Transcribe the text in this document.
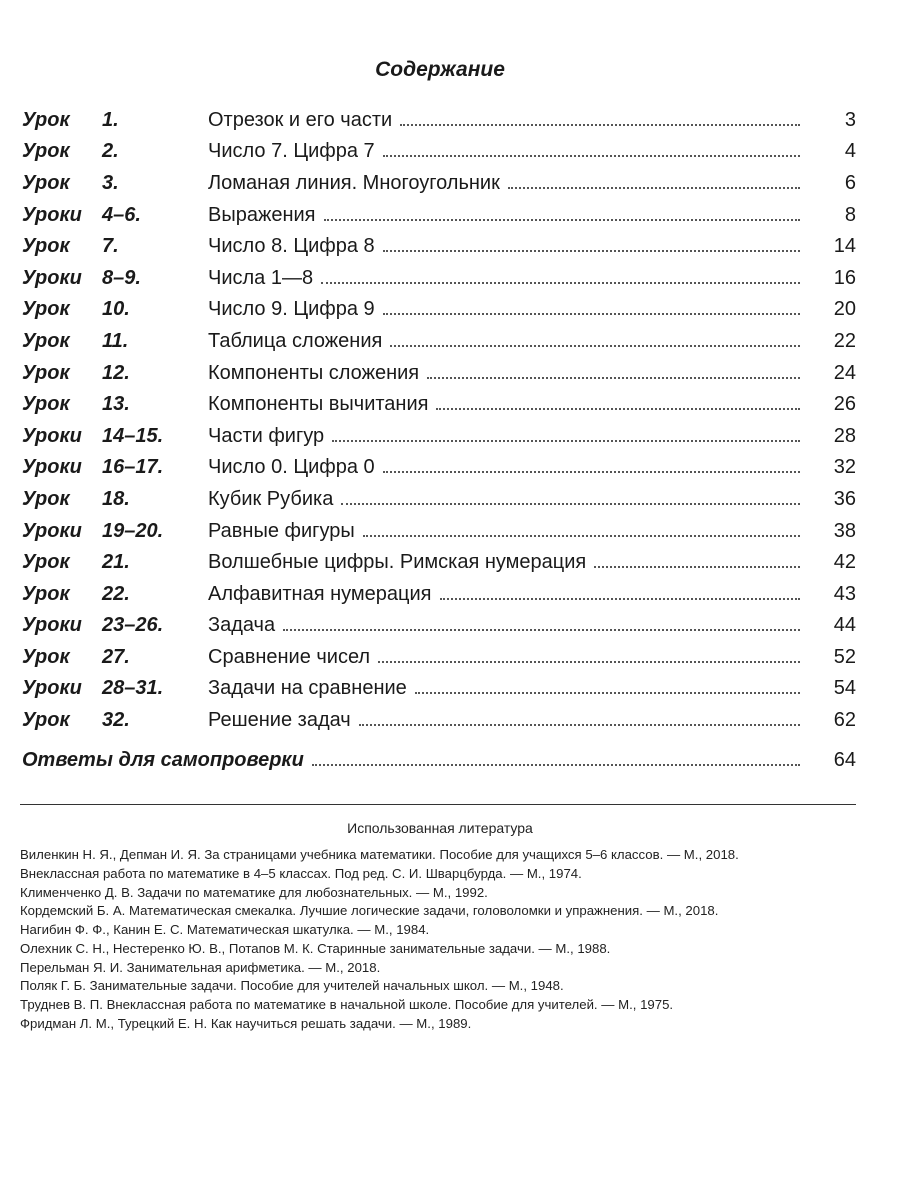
Содержание
Урок	1.	Отрезок и его части	3
Урок	2.	Число 7. Цифра 7	4
Урок	3.	Ломаная линия. Многоугольник	6
Уроки	4–6.	Выражения	8
Урок	7.	Число 8. Цифра 8	14
Уроки	8–9.	Числа 1—8	16
Урок	10.	Число 9. Цифра 9	20
Урок	11.	Таблица сложения	22
Урок	12.	Компоненты сложения	24
Урок	13.	Компоненты вычитания	26
Уроки	14–15.	Части фигур	28
Уроки	16–17.	Число 0. Цифра 0	32
Урок	18.	Кубик Рубика	36
Уроки	19–20.	Равные фигуры	38
Урок	21.	Волшебные цифры. Римская нумерация	42
Урок	22.	Алфавитная нумерация	43
Уроки	23–26.	Задача	44
Урок	27.	Сравнение чисел	52
Уроки	28–31.	Задачи на сравнение	54
Урок	32.	Решение задач	62
Ответы для самопроверки	64
Использованная литература
Виленкин Н. Я., Депман И. Я. За страницами учебника математики. Пособие для учащихся 5–6 классов. — М., 2018.
Внеклассная работа по математике в 4–5 классах. Под ред. С. И. Шварцбурда. — М., 1974.
Клименченко Д. В. Задачи по математике для любознательных. — М., 1992.
Кордемский Б. А. Математическая смекалка. Лучшие логические задачи, головоломки и упражнения. — М., 2018.
Нагибин Ф. Ф., Канин Е. С. Математическая шкатулка. — М., 1984.
Олехник С. Н., Нестеренко Ю. В., Потапов М. К. Старинные занимательные задачи. — М., 1988.
Перельман Я. И. Занимательная арифметика. — М., 2018.
Поляк Г. Б. Занимательные задачи. Пособие для учителей начальных школ. — М., 1948.
Труднев В. П. Внеклассная работа по математике в начальной школе. Пособие для учителей. — М., 1975.
Фридман Л. М., Турецкий Е. Н. Как научиться решать задачи. — М., 1989.
